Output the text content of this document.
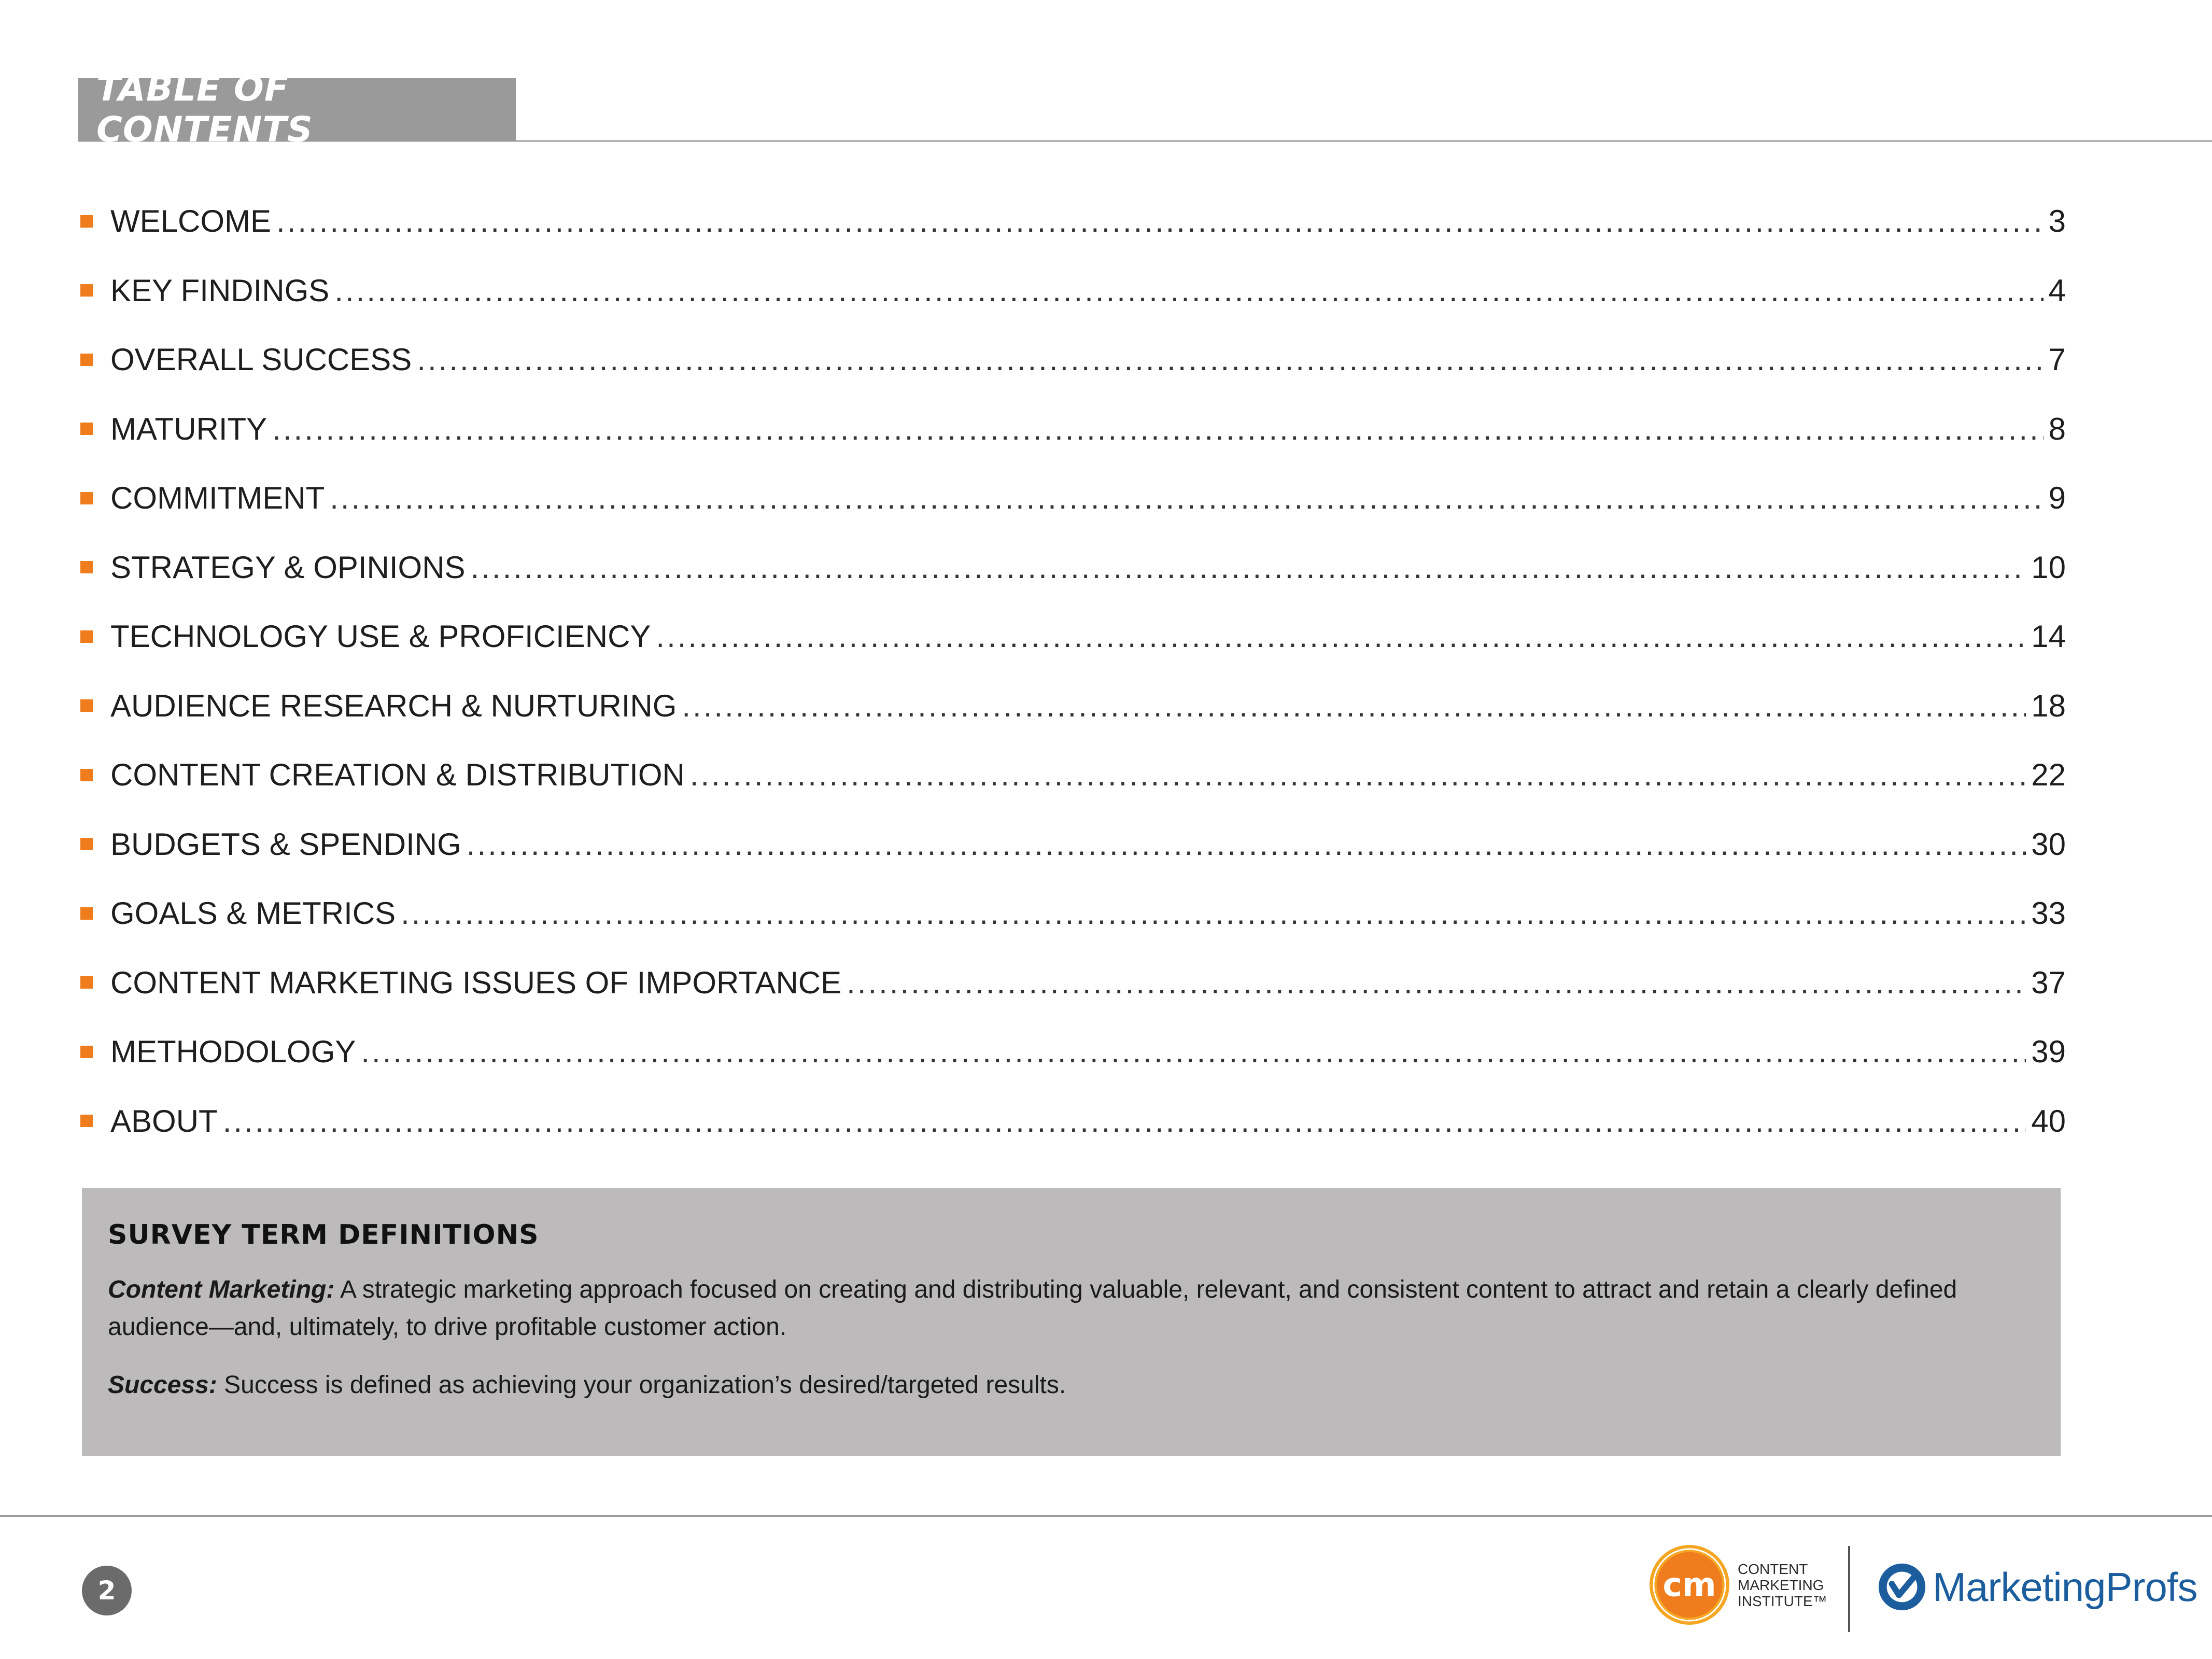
TABLE OF CONTENTS
WELCOME .....	3
KEY FINDINGS .....	4
OVERALL SUCCESS .....	7
MATURITY .....	8
COMMITMENT .....	9
STRATEGY & OPINIONS .....	10
TECHNOLOGY USE & PROFICIENCY .....	14
AUDIENCE RESEARCH & NURTURING .....	18
CONTENT CREATION & DISTRIBUTION .....	22
BUDGETS & SPENDING .....	30
GOALS & METRICS .....	33
CONTENT MARKETING ISSUES OF IMPORTANCE .....	37
METHODOLOGY .....	39
ABOUT .....	40
SURVEY TERM DEFINITIONS

Content Marketing: A strategic marketing approach focused on creating and distributing valuable, relevant, and consistent content to attract and retain a clearly defined audience—and, ultimately, to drive profitable customer action.

Success: Success is defined as achieving your organization’s desired/targeted results.

2	cm CONTENT
MARKETING
INSTITUTE™	MarketingProfs
